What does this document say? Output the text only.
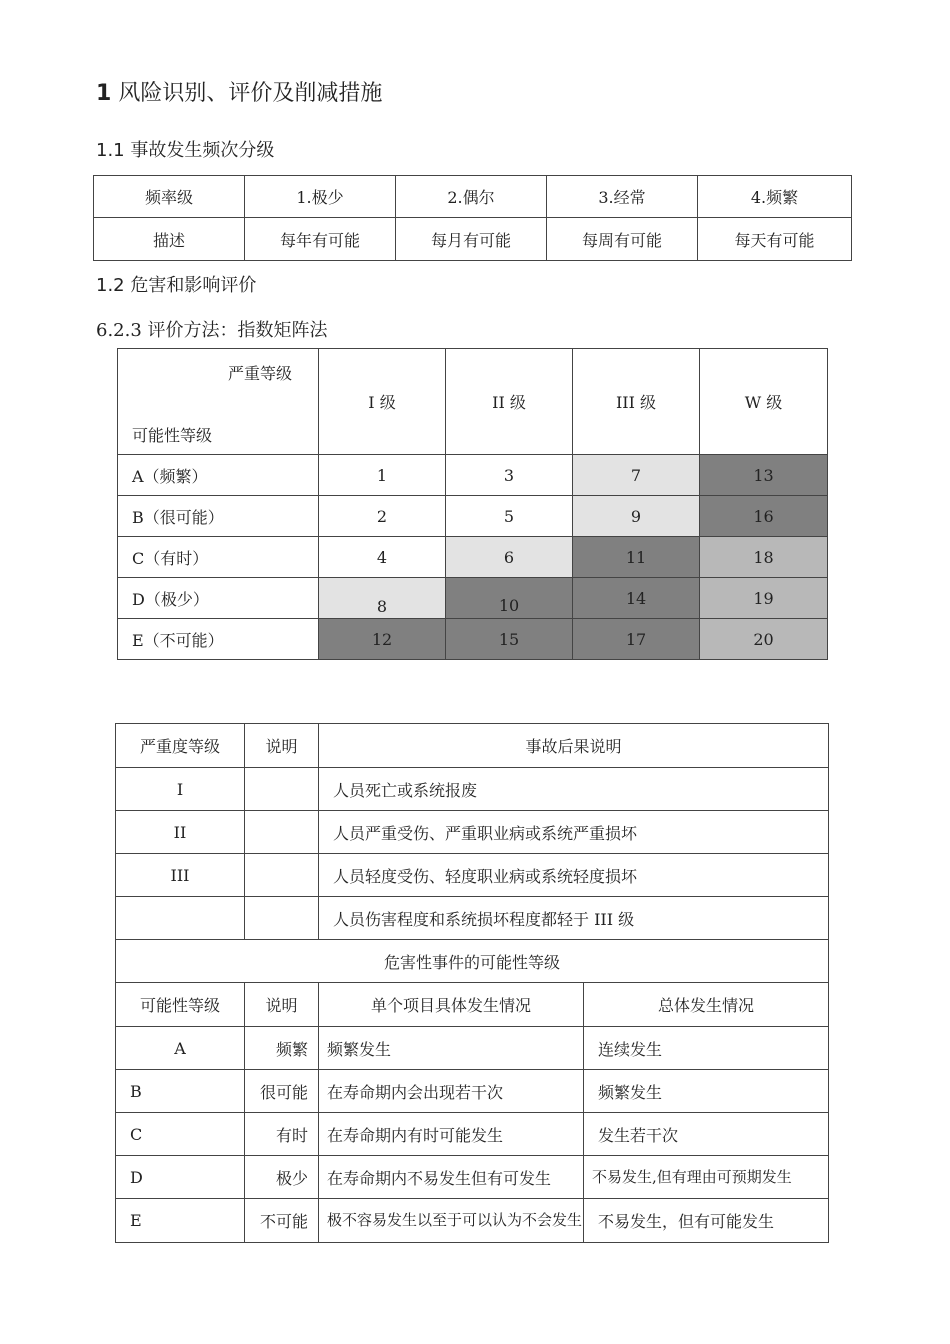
1 风险识别、评价及削减措施
1.1 事故发生频次分级
频率级	1.极少	2.偶尔	3.经常	4.频繁
描述	每年有可能	每月有可能	每周有可能	每天有可能
1.2 危害和影响评价
6.2.3 评价方法：指数矩阵法
严重等级
可能性等级	I 级	II 级	III 级	W 级
A（频繁）	1	3	7	13
B（很可能）	2	5	9	16
C（有时）	4	6	11	18
D（极少）	8	10	14	19
E（不可能）	12	15	17	20
严重度等级	说明	事故后果说明	
I		人员死亡或系统报废	
II		人员严重受伤、严重职业病或系统严重损坏	
III		人员轻度受伤、轻度职业病或系统轻度损坏	
		人员伤害程度和系统损坏程度都轻于 III 级	
危害性事件的可能性等级			
可能性等级	说明	单个项目具体发生情况	总体发生情况
A	频繁	频繁发生	连续发生
B	很可能	在寿命期内会出现若干次	频繁发生
C	有时	在寿命期内有时可能发生	发生若干次
D	极少	在寿命期内不易发生但有可发生	不易发生,但有理由可预期发生
E	不可能	极不容易发生以至于可以认为不会发生	不易发生，但有可能发生
